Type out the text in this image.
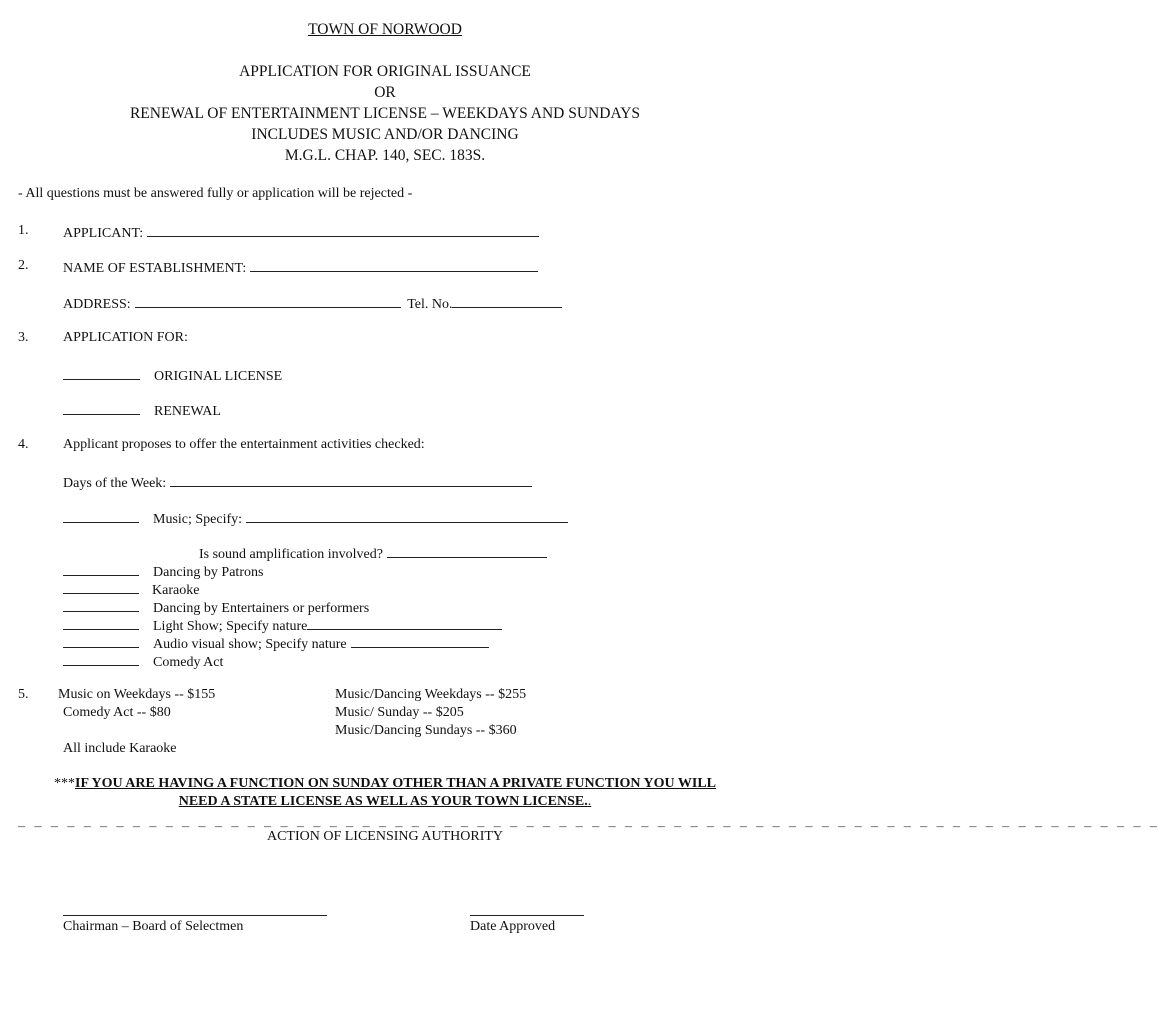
TOWN OF NORWOOD
APPLICATION FOR ORIGINAL ISSUANCE
OR
RENEWAL OF ENTERTAINMENT LICENSE – WEEKDAYS AND SUNDAYS
INCLUDES MUSIC AND/OR DANCING
M.G.L. CHAP. 140, SEC. 183S.
- All questions must be answered fully or application will be rejected -
1. APPLICANT:
2. NAME OF ESTABLISHMENT:
ADDRESS:	Tel. No.
3. APPLICATION FOR:
ORIGINAL LICENSE
RENEWAL
4. Applicant proposes to offer the entertainment activities checked:
Days of the Week:
Music; Specify:
Is sound amplification involved?
Dancing by Patrons
Karaoke
Dancing by Entertainers or performers
Light Show; Specify nature
Audio visual show; Specify nature
Comedy Act
5. Music on Weekdays -- $155
Comedy Act -- $80
Music/Dancing Weekdays -- $255
Music/ Sunday -- $205
Music/Dancing Sundays -- $360
All include Karaoke
***IF YOU ARE HAVING A FUNCTION ON SUNDAY OTHER THAN A PRIVATE FUNCTION YOU WILL
NEED A STATE LICENSE AS WELL AS YOUR TOWN LICENSE..
_ _ _ _ _ _ _ _ _ _ _ _ _ _ _ _ _ _ _ _ _ _ _ _ _ _ _ _ _ _ _ _ _ _ _ _ _ _ _ _ _ _ _ _ _ _ _ _ _ _ _ _ _ _ _ _ _ _ _ _ _ _ _ _ _ _ _ _ _ _
ACTION OF LICENSING AUTHORITY
Chairman – Board of Selectmen	Date Approved
